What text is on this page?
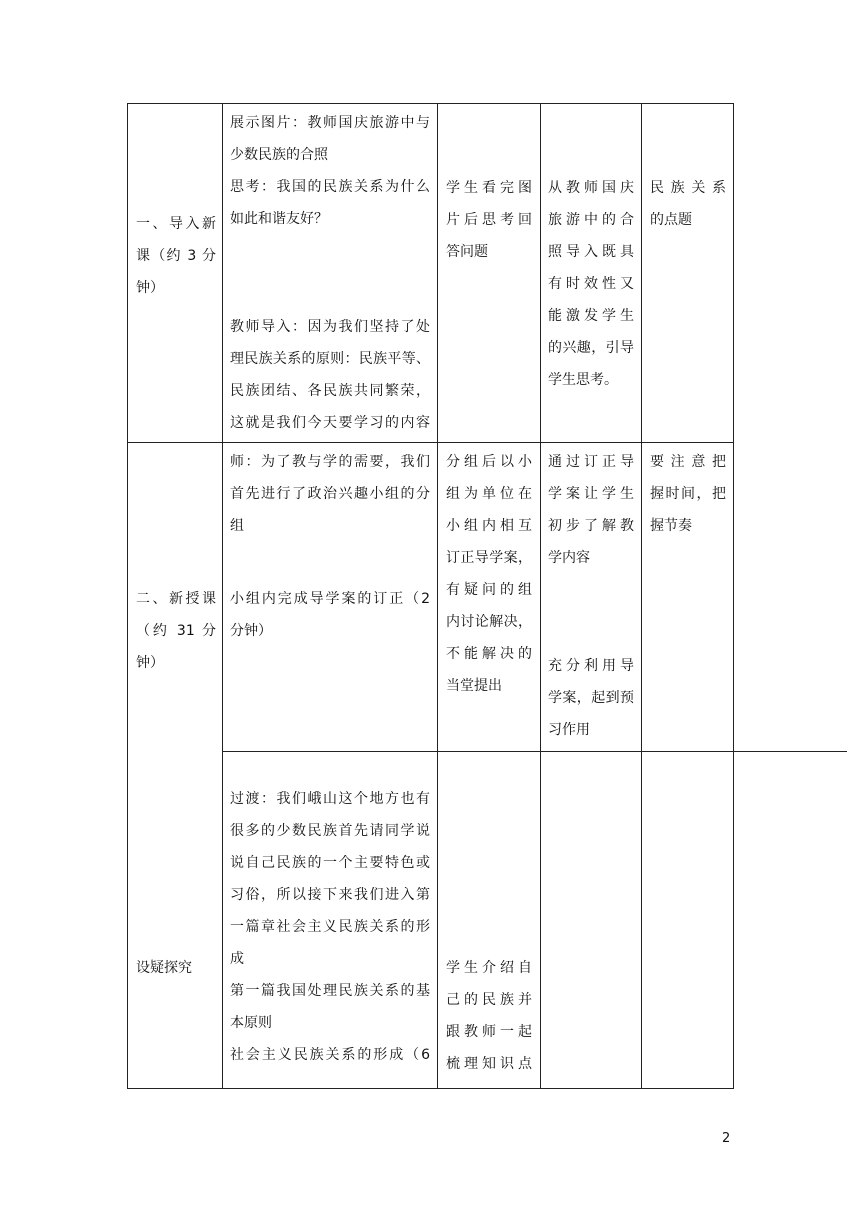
一、导入新

课（约 3 分

钟）

展示图片：教师国庆旅游中与

少数民族的合照

思考：我国的民族关系为什么

如此和谐友好？

教师导入：因为我们坚持了处

理民族关系的原则：民族平等、

民族团结、各民族共同繁荣，

这就是我们今天要学习的内容

学生看完图

片后思考回

答问题

从教师国庆

旅游中的合

照导入既具

有时效性又

能激发学生

的兴趣，引导

学生思考。

民族关系

的点题

二、新授课

（约 31 分

钟）

师：为了教与学的需要，我们

首先进行了政治兴趣小组的分

组

小组内完成导学案的订正（2

分钟）

分组后以小

组为单位在

小组内相互

订正导学案，

有疑问的组

内讨论解决，

不能解决的

当堂提出

通过订正导

学案让学生

初步了解教

学内容

充分利用导

学案，起到预

习作用

要注意把

握时间，把

握节奏

设疑探究

过渡：我们峨山这个地方也有

很多的少数民族首先请同学说

说自己民族的一个主要特色或

习俗，所以接下来我们进入第

一篇章社会主义民族关系的形

成

第一篇我国处理民族关系的基

本原则

社会主义民族关系的形成（6

学生介绍自

己的民族并

跟教师一起

梳理知识点

2
